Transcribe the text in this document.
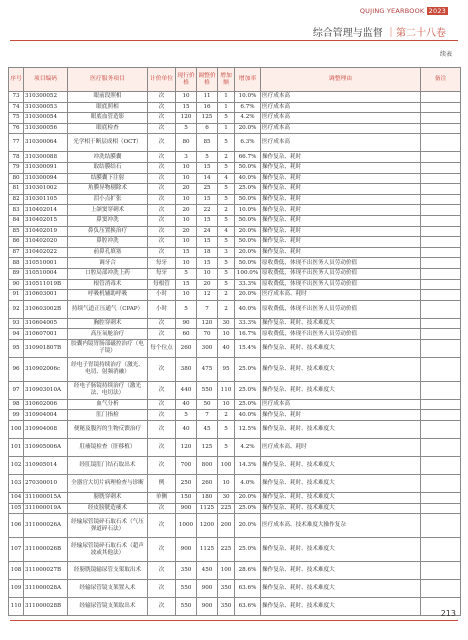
QUJING YEARBOOK 2023
综合管理与监督 ｜第二十八卷
续表
序号	项目编码	医疗服务项目	计价单位	现行价格	调整价格	增加额	增加率	调整理由	备注
73	310300052	眼前段照相	次	10	11	1	10.0%	医疗成本高	
74	310300053	眼底照相	次	15	16	1	6.7%	医疗成本高	
75	310300054	眼底血管造影	次	120	125	5	4.2%	医疗成本高	
76	310300056	眼底检查	次	5	6	1	20.0%	医疗成本高	
77	310300064	光学相干断层成相（OCT）	次	80	85	5	6.3%	医疗成本高	
78	310300088	冲洗结膜囊	次	3	5	2	66.7%	操作复杂、耗时	
79	310300091	取结膜结石	次	10	15	5	50.0%	操作复杂、耗时	
80	310300094	结膜囊下注射	次	10	14	4	40.0%	操作复杂、耗时	
81	310301002	角膜异物剔除术	次	20	25	5	25.0%	操作复杂、耗时	
82	310301105	泪小点扩张	次	10	15	5	50.0%	操作复杂、耗时	
83	310402014	上颌窦穿刺术	次	20	22	2	10.0%	操作复杂、耗时	
84	310402015	鼻窦冲洗	次	10	15	5	50.0%	操作复杂、耗时	
85	310402019	鼻负压置换治疗	次	20	24	4	20.0%	操作复杂、耗时	
86	310402020	鼻腔冲洗	次	10	15	5	50.0%	操作复杂、耗时	
87	310402022	前鼻孔填塞	次	15	18	3	20.0%	操作复杂、耗时	
88	310510001	调牙合	每牙	10	15	5	50.0%	原收费低，体现不出医务人员劳动价值	
89	310510004	口腔局部冲洗上药	每牙	5	10	5	100.0%	原收费低，体现不出医务人员劳动价值	
90	310511019B	根管消毒术	每根管	15	20	5	33.3%	原收费低，体现不出医务人员劳动价值	
91	310603001	呼吸机辅助呼吸	小时	10	12	2	20.0%	医疗成本高、耗时	
92	310603002B	持续气道正压通气（CPAP）	小时	5	7	2	40.0%	原收费低，体现不出医务人员劳动价值	
93	310604005	胸腔穿刺术	次	90	120	30	33.3%	操作复杂、耗时、技术难度大	
94	310607001	高压氧舱治疗	次	60	70	10	16.7%	原收费低，体现不出医务人员劳动价值	
95	310901807B	胶囊内镜胃肠部磁控治疗（电子镜）	每个位点	260	300	40	15.4%	操作复杂、耗时、技术难度大	
96	310902006c	经电子胃镜持续治疗（激光、电切、射频消融）	次	380	475	95	25.0%	操作复杂、耗时、技术难度大	
97	310903010A	经电子肠镜持续治疗（激光法、电切法）	次	440	550	110	25.0%	操作复杂、耗时、技术难度大	
98	310602006	血气分析	次	40	50	10	25.0%	医疗成本高	
99	310904004	肛门指检	次	5	7	2	40.0%	操作复杂、耗时	
100	310904008	便秘及腹泻的生物反馈治疗	次	40	45	5	12.5%	操作复杂、耗时、技术难度大	
101	310905006A	肛瘘镜检查（肝移植）	次	120	125	5	4.2%	医疗成本高、耗时	
102	310905014	经肛镜肛门结石取出术	次	700	800	100	14.3%	操作复杂、耗时、技术难度大	
103	270300010	全器官大切片病理检查与诊断	例	250	260	10	4.0%	操作复杂、耗时、技术难度大	
104	311000015A	膀胱穿刺术	单侧	150	180	30	20.0%	操作复杂、耗时、技术难度大	
105	311000019A	经皮膀胱造瘘术	次	900	1125	225	25.0%	操作复杂、耗时、技术难度大	
106	311000026A	经输尿管镜碎石取石术（气压弹道碎石法）	次	1000	1200	200	20.0%	医疗成本高、技术难度大操作复杂	
107	311000026B	经输尿管镜碎石取石术（超声波或其他法）	次	900	1125	225	25.0%	操作复杂、耗时、技术难度大	
108	311000027B	经膀胱镜输尿管支架取出术	次	350	450	100	28.6%	操作复杂、耗时、技术难度大	
109	311000028A	经输尿管镜支架置入术	次	550	900	350	63.6%	操作复杂、耗时、技术难度大	
110	311000028B	经输尿管镜支架取出术	次	550	900	350	63.6%	操作复杂、耗时、技术难度大	
213
